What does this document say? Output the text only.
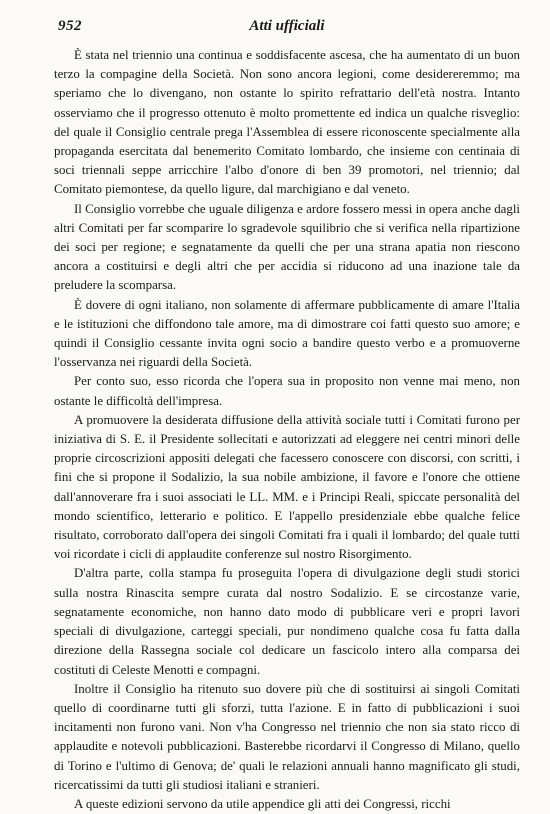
952	Atti ufficiali

È stata nel triennio una continua e soddisfacente ascesa, che ha aumentato di un buon terzo la compagine della Società. Non sono ancora legioni, come desidereremmo; ma speriamo che lo divengano, non ostante lo spirito refrattario dell'età nostra. Intanto osserviamo che il progresso ottenuto è molto promettente ed indica un qualche risveglio: del quale il Consiglio centrale prega l'Assemblea di essere riconoscente specialmente alla propaganda esercitata dal benemerito Comitato lombardo, che insieme con centinaia di soci triennali seppe arricchire l'albo d'onore di ben 39 promotori, nel triennio; dal Comitato piemontese, da quello ligure, dal marchigiano e dal veneto.

Il Consiglio vorrebbe che uguale diligenza e ardore fossero messi in opera anche dagli altri Comitati per far scomparire lo sgradevole squilibrio che si verifica nella ripartizione dei soci per regione; e segnatamente da quelli che per una strana apatia non riescono ancora a costituirsi e degli altri che per accidia si riducono ad una inazione tale da preludere la scomparsa.

È dovere di ogni italiano, non solamente di affermare pubblicamente di amare l'Italia e le istituzioni che diffondono tale amore, ma di dimostrare coi fatti questo suo amore; e quindi il Consiglio cessante invita ogni socio a bandire questo verbo e a promuoverne l'osservanza nei riguardi della Società.

Per conto suo, esso ricorda che l'opera sua in proposito non venne mai meno, non ostante le difficoltà dell'impresa.

A promuovere la desiderata diffusione della attività sociale tutti i Comitati furono per iniziativa di S. E. il Presidente sollecitati e autorizzati ad eleggere nei centri minori delle proprie circoscrizioni appositi delegati che facessero conoscere con discorsi, con scritti, i fini che si propone il Sodalizio, la sua nobile ambizione, il favore e l'onore che ottiene dall'annoverare fra i suoi associati le LL. MM. e i Principi Reali, spiccate personalità del mondo scientifico, letterario e politico. E l'appello presidenziale ebbe qualche felice risultato, corroborato dall'opera dei singoli Comitati fra i quali il lombardo; del quale tutti voi ricordate i cicli di applaudite conferenze sul nostro Risorgimento.

D'altra parte, colla stampa fu proseguita l'opera di divulgazione degli studi storici sulla nostra Rinascita sempre curata dal nostro Sodalizio. E se circostanze varie, segnatamente economiche, non hanno dato modo di pubblicare veri e propri lavori speciali di divulgazione, carteggi speciali, pur nondimeno qualche cosa fu fatta dalla direzione della Rassegna sociale col dedicare un fascicolo intero alla comparsa dei costituti di Celeste Menotti e compagni.

Inoltre il Consiglio ha ritenuto suo dovere più che di sostituirsi ai singoli Comitati quello di coordinarne tutti gli sforzi, tutta l'azione. E in fatto di pubblicazioni i suoi incitamenti non furono vani. Non v'ha Congresso nel triennio che non sia stato ricco di applaudite e notevoli pubblicazioni. Basterebbe ricordarvi il Congresso di Milano, quello di Torino e l'ultimo di Genova; de' quali le relazioni annuali hanno magnificato gli studi, ricercatissimi da tutti gli studiosi italiani e stranieri.

A queste edizioni servono da utile appendice gli atti dei Congressi, ricchi
